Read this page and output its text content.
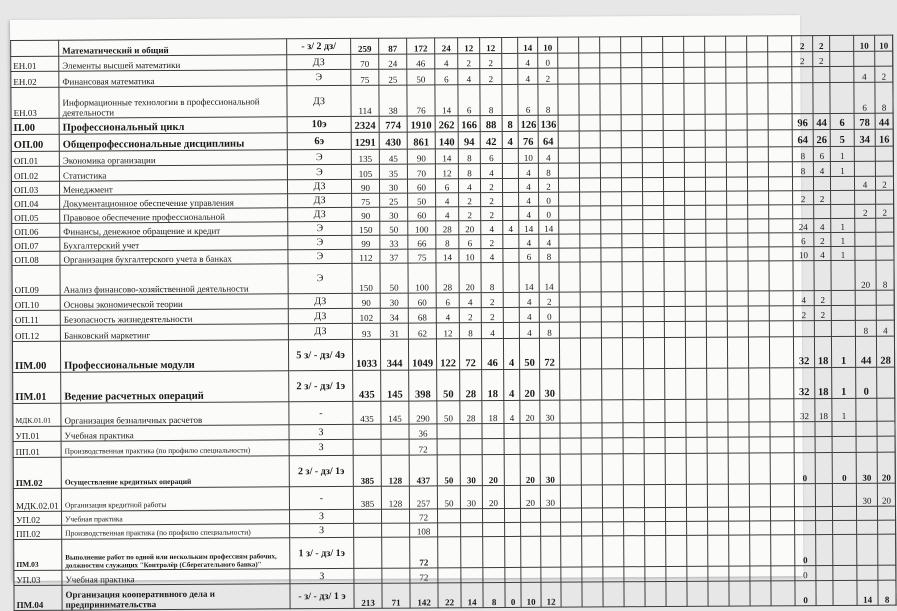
	Математический и общий	- з/ 2 дз/	259	87	172	24	12	12		14	10												2	2		10	10	
ЕН.01	Элементы высшей математики	ДЗ	70	24	46	4	2	2		4	0												2	2				
ЕН.02	Финансовая математика	Э	75	25	50	6	4	2		4	2															4	2	
ЕН.03	Информационные технологии в профессиональной деятельности	ДЗ	114	38	76	14	6	8		6	8															6	8	
П.00	Профессиональный цикл	10э	2324	774	1910	262	166	88	8	126	136												96	44	6	78	44	
ОП.00	Общепрофессиональные дисциплины	6э	1291	430	861	140	94	42	4	76	64												64	26	5	34	16	
ОП.01	Экономика организации	Э	135	45	90	14	8	6		10	4												8	6	1			
ОП.02	Статистика	Э	105	35	70	12	8	4		4	8												8	4	1			
ОП.03	Менеджмент	ДЗ	90	30	60	6	4	2		4	2															4	2	
ОП.04	Документационное обеспечение управления	ДЗ	75	25	50	4	2	2		4	0												2	2				
ОП.05	Правовое обеспечение профессиональной	ДЗ	90	30	60	4	2	2		4	0															2	2	
ОП.06	Финансы, денежное обращение и кредит	Э	150	50	100	28	20	4	4	14	14												24	4	1			
ОП.07	Бухгалтерский учет	Э	99	33	66	8	6	2		4	4												6	2	1			
ОП.08	Организация бухгалтерского учета в банках	Э	112	37	75	14	10	4		6	8												10	4	1			
ОП.09	Анализ финансово-хозяйственной деятельности	Э	150	50	100	28	20	8		14	14															20	8	
ОП.10	Основы экономической теории	ДЗ	90	30	60	6	4	2		4	2												4	2				
ОП.11	Безопасность жизнедеятельности	ДЗ	102	34	68	4	2	2		4	0												2	2				
ОП.12	Банковский маркетинг	ДЗ	93	31	62	12	8	4		4	8															8	4	
ПМ.00	Профессиональные модули	5 з/ - дз/ 4э	1033	344	1049	122	72	46	4	50	72												32	18	1	44	28	
ПМ.01	Ведение расчетных операций	2 з/ - дз/ 1э	435	145	398	50	28	18	4	20	30												32	18	1	0		
МДК.01.01	Организация безналичных расчетов	-	435	145	290	50	28	18	4	20	30												32	18	1			
УП.01	Учебная практика	З			36																							
ПП.01	Производственная практика (по профилю специальности)	З			72																							
ПМ.02	Осуществление кредитных операций	2 з/ - дз/ 1э	385	128	437	50	30	20		20	30												0		0	30	20	
МДК.02.01	Организация кредитной работы	-	385	128	257	50	30	20		20	30															30	20	
УП.02	Учебная практика	З			72																							
ПП.02	Производственная практика (по профилю специальности)	З			108																							
ПМ.03	Выполнение работ по одной или нескольким профессиям рабочих, должностям служащих "Контролёр (Сберегательного банка)"	1 з/ - дз/ 1э			72																		0					
УП.03	Учебная практика	З			72																		0					
ПМ.04	Организация кооперативного дела и предпринимательства	- з/ - дз/ 1 э	213	71	142	22	14	8	0	10	12												0			14	8	
